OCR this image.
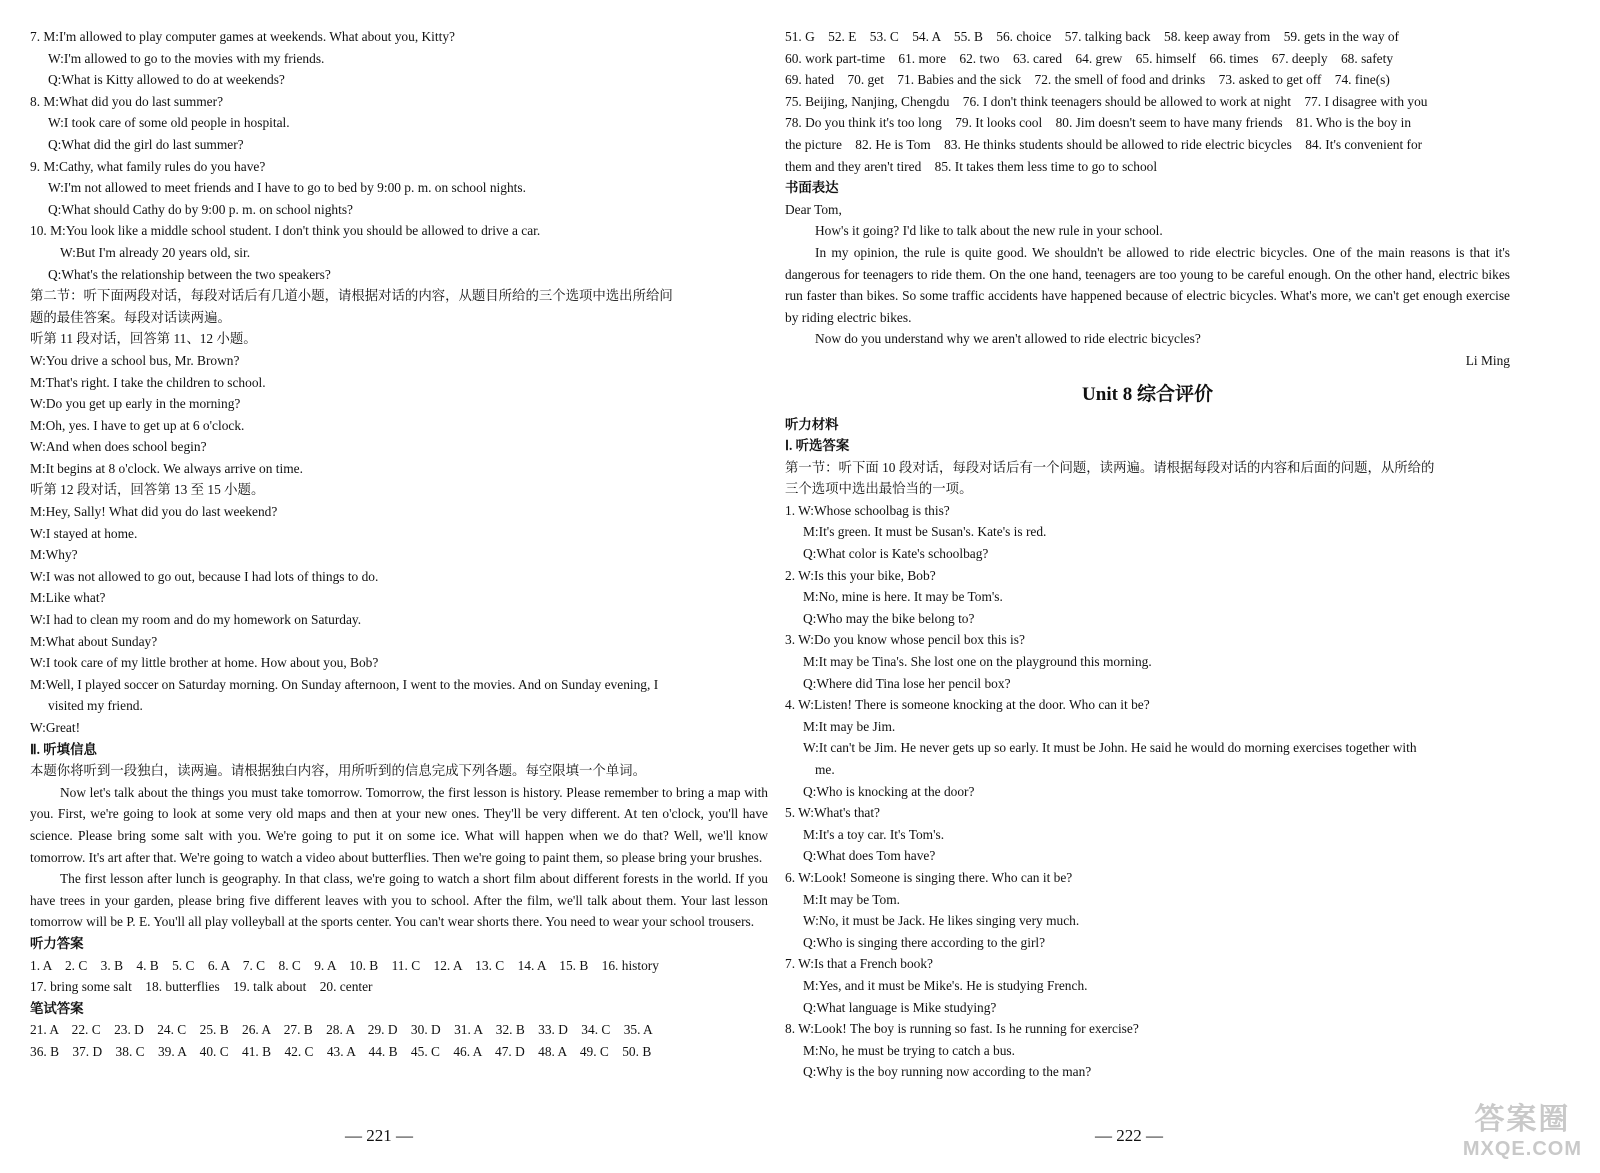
7. M:I'm allowed to play computer games at weekends. What about you, Kitty?
W:I'm allowed to go to the movies with my friends.
Q:What is Kitty allowed to do at weekends?
8. M:What did you do last summer?
W:I took care of some old people in hospital.
Q:What did the girl do last summer?
9. M:Cathy, what family rules do you have?
W:I'm not allowed to meet friends and I have to go to bed by 9:00 p. m. on school nights.
Q:What should Cathy do by 9:00 p. m. on school nights?
10. M:You look like a middle school student. I don't think you should be allowed to drive a car.
W:But I'm already 20 years old, sir.
Q:What's the relationship between the two speakers?
第二节：听下面两段对话，每段对话后有几道小题，请根据对话的内容，从题目所给的三个选项中选出所给问
题的最佳答案。每段对话读两遍。
听第 11 段对话，回答第 11、12 小题。
W:You drive a school bus, Mr. Brown?
M:That's right. I take the children to school.
W:Do you get up early in the morning?
M:Oh, yes. I have to get up at 6 o'clock.
W:And when does school begin?
M:It begins at 8 o'clock. We always arrive on time.
听第 12 段对话，回答第 13 至 15 小题。
M:Hey, Sally! What did you do last weekend?
W:I stayed at home.
M:Why?
W:I was not allowed to go out, because I had lots of things to do.
M:Like what?
W:I had to clean my room and do my homework on Saturday.
M:What about Sunday?
W:I took care of my little brother at home. How about you, Bob?
M:Well, I played soccer on Saturday morning. On Sunday afternoon, I went to the movies. And on Sunday evening, I
visited my friend.
W:Great!
Ⅱ. 听填信息
本题你将听到一段独白，读两遍。请根据独白内容，用所听到的信息完成下列各题。每空限填一个单词。
Now let's talk about the things you must take tomorrow. Tomorrow, the first lesson is history. Please remember to bring a map with you. First, we're going to look at some very old maps and then at your new ones. They'll be very different. At ten o'clock, you'll have science. Please bring some salt with you. We're going to put it on some ice. What will happen when we do that? Well, we'll know tomorrow. It's art after that. We're going to watch a video about butterflies. Then we're going to paint them, so please bring your brushes.
The first lesson after lunch is geography. In that class, we're going to watch a short film about different forests in the world. If you have trees in your garden, please bring five different leaves with you to school. After the film, we'll talk about them. Your last lesson tomorrow will be P. E. You'll all play volleyball at the sports center. You can't wear shorts there. You need to wear your school trousers.
听力答案
1. A　2. C　3. B　4. B　5. C　6. A　7. C　8. C　9. A　10. B　11. C　12. A　13. C　14. A　15. B　16. history
17. bring some salt　18. butterflies　19. talk about　20. center
笔试答案
21. A　22. C　23. D　24. C　25. B　26. A　27. B　28. A　29. D　30. D　31. A　32. B　33. D　34. C　35. A
36. B　37. D　38. C　39. A　40. C　41. B　42. C　43. A　44. B　45. C　46. A　47. D　48. A　49. C　50. B
51. G　52. E　53. C　54. A　55. B　56. choice　57. talking back　58. keep away from　59. gets in the way of
60. work part-time　61. more　62. two　63. cared　64. grew　65. himself　66. times　67. deeply　68. safety
69. hated　70. get　71. Babies and the sick　72. the smell of food and drinks　73. asked to get off　74. fine(s)
75. Beijing, Nanjing, Chengdu　76. I don't think teenagers should be allowed to work at night　77. I disagree with you
78. Do you think it's too long　79. It looks cool　80. Jim doesn't seem to have many friends　81. Who is the boy in
the picture　82. He is Tom　83. He thinks students should be allowed to ride electric bicycles　84. It's convenient for
them and they aren't tired　85. It takes them less time to go to school
书面表达
Dear Tom,
How's it going? I'd like to talk about the new rule in your school.
In my opinion, the rule is quite good. We shouldn't be allowed to ride electric bicycles. One of the main reasons is that it's dangerous for teenagers to ride them. On the one hand, teenagers are too young to be careful enough. On the other hand, electric bikes run faster than bikes. So some traffic accidents have happened because of electric bicycles. What's more, we can't get enough exercise by riding electric bikes.
Now do you understand why we aren't allowed to ride electric bicycles?
Li Ming
Unit 8 综合评价
听力材料
Ⅰ. 听选答案
第一节：听下面 10 段对话，每段对话后有一个问题，读两遍。请根据每段对话的内容和后面的问题，从所给的
三个选项中选出最恰当的一项。
1. W:Whose schoolbag is this?
M:It's green. It must be Susan's. Kate's is red.
Q:What color is Kate's schoolbag?
2. W:Is this your bike, Bob?
M:No, mine is here. It may be Tom's.
Q:Who may the bike belong to?
3. W:Do you know whose pencil box this is?
M:It may be Tina's. She lost one on the playground this morning.
Q:Where did Tina lose her pencil box?
4. W:Listen! There is someone knocking at the door. Who can it be?
M:It may be Jim.
W:It can't be Jim. He never gets up so early. It must be John. He said he would do morning exercises together with
me.
Q:Who is knocking at the door?
5. W:What's that?
M:It's a toy car. It's Tom's.
Q:What does Tom have?
6. W:Look! Someone is singing there. Who can it be?
M:It may be Tom.
W:No, it must be Jack. He likes singing very much.
Q:Who is singing there according to the girl?
7. W:Is that a French book?
M:Yes, and it must be Mike's. He is studying French.
Q:What language is Mike studying?
8. W:Look! The boy is running so fast. Is he running for exercise?
M:No, he must be trying to catch a bus.
Q:Why is the boy running now according to the man?
— 221 —	— 222 —	答案圈
MXQE.COM
